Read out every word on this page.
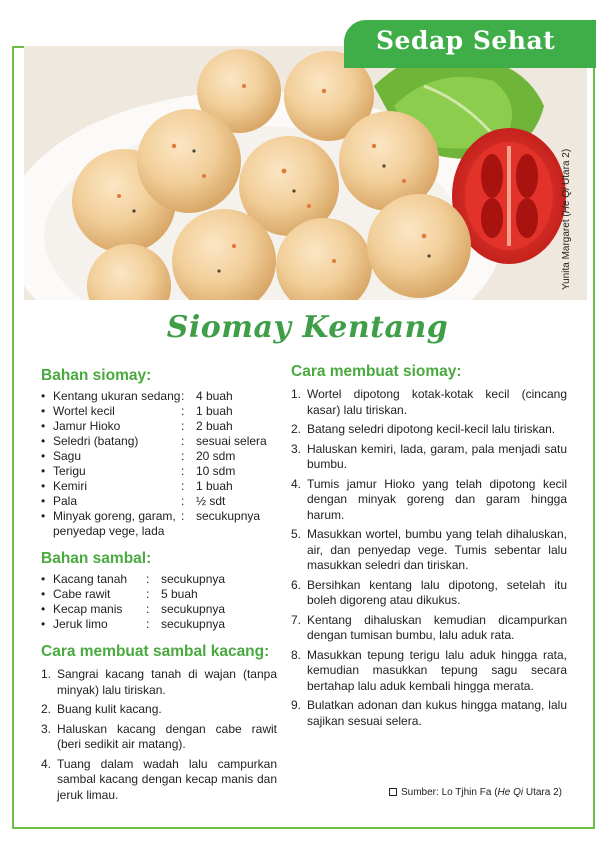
Sedap Sehat
Yunita Margaret (He Qi Utara 2)
Siomay Kentang
Bahan siomay:
• Kentang ukuran sedang : 4 buah
• Wortel kecil	: 1 buah
• Jamur Hioko	: 2 buah
• Seledri (batang)	: sesuai selera
• Sagu	: 20 sdm
• Terigu	: 10 sdm
• Kemiri	: 1 buah
• Pala	: ½ sdt
• Minyak goreng, garam, : secukupnya
penyedap vege, lada
Bahan sambal:
• Kacang tanah : secukupnya
• Cabe rawit	: 5 buah
• Kecap manis : secukupnya
• Jeruk limo	: secukupnya
Cara membuat sambal kacang:
1. Sangrai kacang tanah di wajan (tanpa minyak) lalu tiriskan.
2. Buang kulit kacang.
3. Haluskan kacang dengan cabe rawit (beri sedikit air matang).
4. Tuang dalam wadah lalu campurkan sambal kacang dengan kecap manis dan jeruk limau.
Cara membuat siomay:
1. Wortel dipotong kotak-kotak kecil (cincang kasar) lalu tiriskan.
2. Batang seledri dipotong kecil-kecil lalu tiriskan.
3. Haluskan kemiri, lada, garam, pala menjadi satu bumbu.
4. Tumis jamur Hioko yang telah dipotong kecil dengan minyak goreng dan garam hingga harum.
5. Masukkan wortel, bumbu yang telah dihaluskan, air, dan penyedap vege. Tumis sebentar lalu masukkan seledri dan tiriskan.
6. Bersihkan kentang lalu dipotong, setelah itu boleh digoreng atau dikukus.
7. Kentang dihaluskan kemudian dicampurkan dengan tumisan bumbu, lalu aduk rata.
8. Masukkan tepung terigu lalu aduk hingga rata, kemudian masukkan tepung sagu secara bertahap lalu aduk kembali hingga merata.
9. Bulatkan adonan dan kukus hingga matang, lalu sajikan sesuai selera.
Sumber: Lo Tjhin Fa (He Qi Utara 2)
